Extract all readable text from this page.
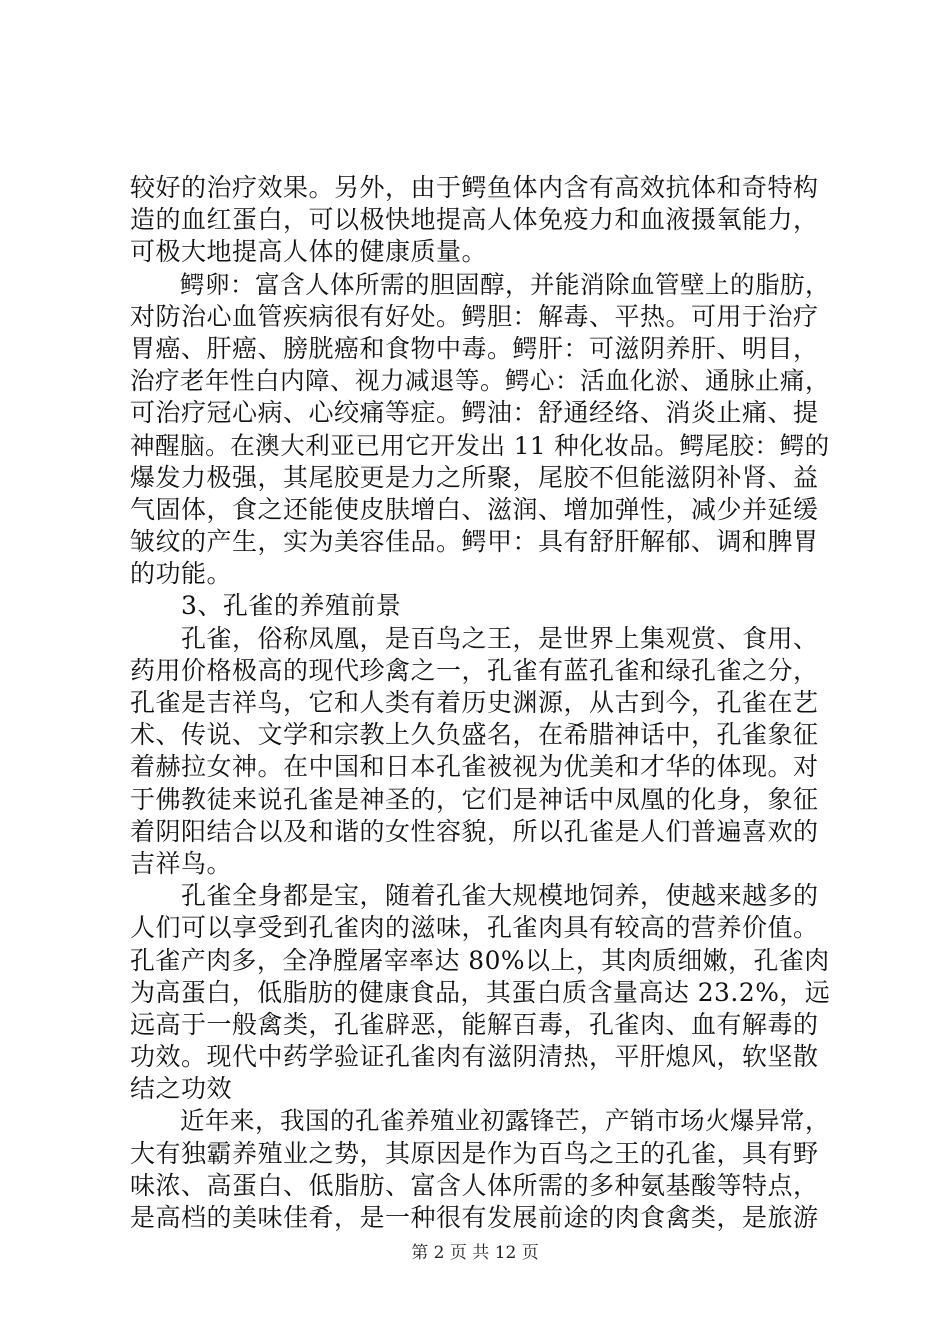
较好的治疗效果。另外，由于鳄鱼体内含有高效抗体和奇特构
造的血红蛋白，可以极快地提高人体免疫力和血液摄氧能力，
可极大地提高人体的健康质量。
　　鳄卵：富含人体所需的胆固醇，并能消除血管壁上的脂肪，
对防治心血管疾病很有好处。鳄胆：解毒、平热。可用于治疗
胃癌、肝癌、膀胱癌和食物中毒。鳄肝：可滋阴养肝、明目，
治疗老年性白内障、视力减退等。鳄心：活血化淤、通脉止痛，
可治疗冠心病、心绞痛等症。鳄油：舒通经络、消炎止痛、提
神醒脑。在澳大利亚已用它开发出 11 种化妆品。鳄尾胶：鳄的
爆发力极强，其尾胶更是力之所聚，尾胶不但能滋阴补肾、益
气固体，食之还能使皮肤增白、滋润、增加弹性，减少并延缓
皱纹的产生，实为美容佳品。鳄甲：具有舒肝解郁、调和脾胃
的功能。
　　3、孔雀的养殖前景
　　孔雀，俗称凤凰，是百鸟之王，是世界上集观赏、食用、
药用价格极高的现代珍禽之一，孔雀有蓝孔雀和绿孔雀之分，
孔雀是吉祥鸟，它和人类有着历史渊源，从古到今，孔雀在艺
术、传说、文学和宗教上久负盛名，在希腊神话中，孔雀象征
着赫拉女神。在中国和日本孔雀被视为优美和才华的体现。对
于佛教徒来说孔雀是神圣的，它们是神话中凤凰的化身，象征
着阴阳结合以及和谐的女性容貌，所以孔雀是人们普遍喜欢的
吉祥鸟。
　　孔雀全身都是宝，随着孔雀大规模地饲养，使越来越多的
人们可以享受到孔雀肉的滋味，孔雀肉具有较高的营养价值。
孔雀产肉多，全净膛屠宰率达 80%以上，其肉质细嫩，孔雀肉
为高蛋白，低脂肪的健康食品，其蛋白质含量高达 23.2%，远
远高于一般禽类，孔雀辟恶，能解百毒，孔雀肉、血有解毒的
功效。现代中药学验证孔雀肉有滋阴清热，平肝熄风，软坚散
结之功效
　　近年来，我国的孔雀养殖业初露锋芒，产销市场火爆异常，
大有独霸养殖业之势，其原因是作为百鸟之王的孔雀，具有野
味浓、高蛋白、低脂肪、富含人体所需的多种氨基酸等特点，
是高档的美味佳肴，是一种很有发展前途的肉食禽类，是旅游
第 2 页 共 12 页
